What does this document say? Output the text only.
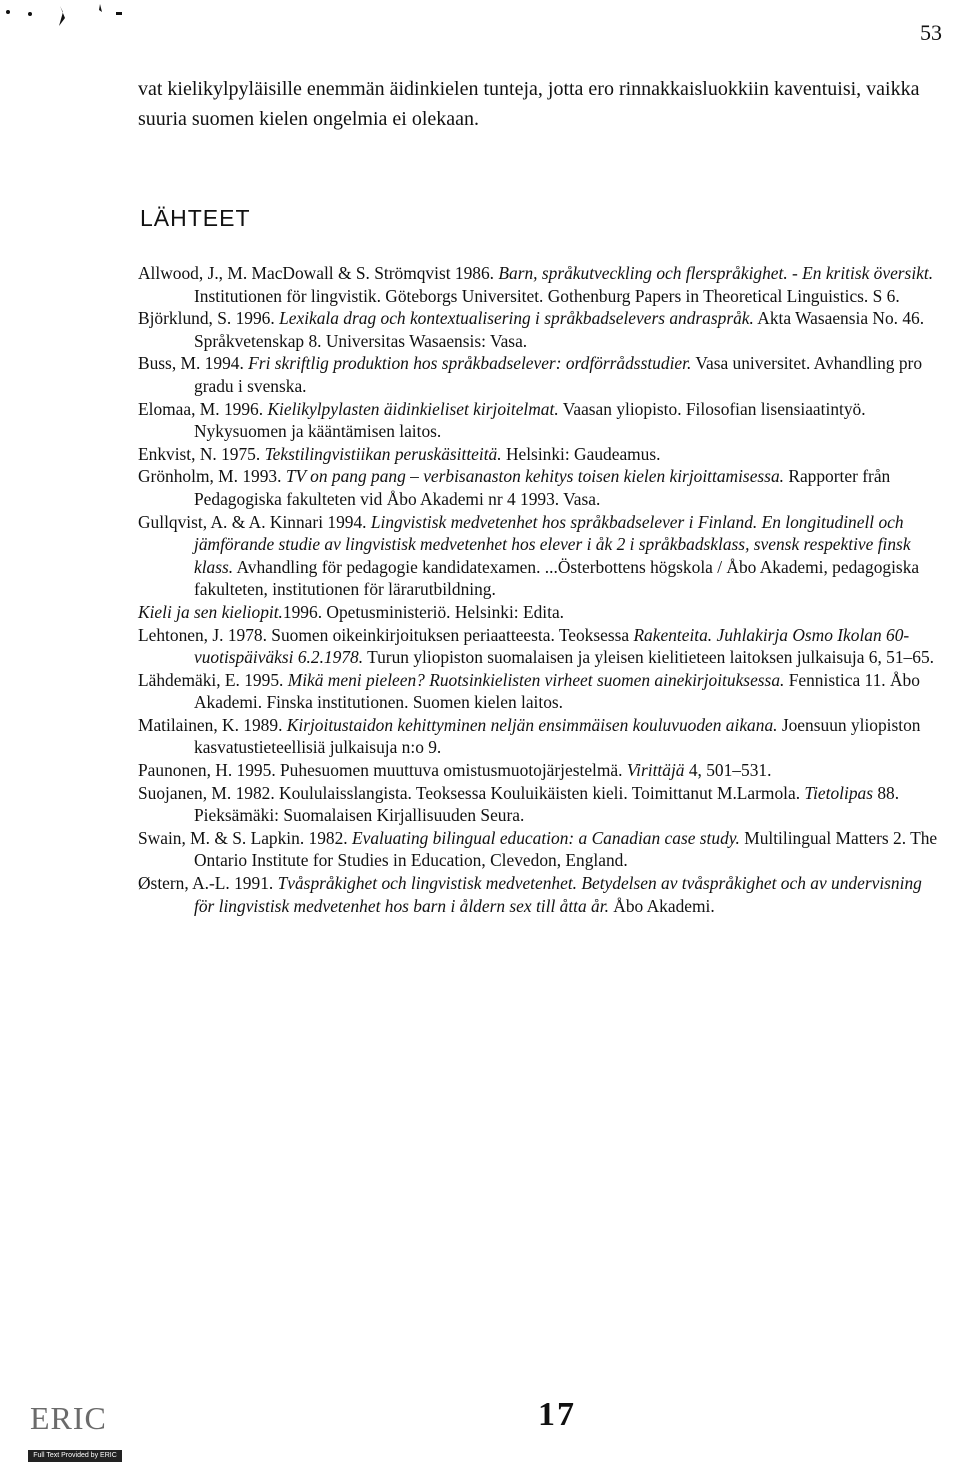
53
vat kielikylpyläisille enemmän äidinkielen tunteja, jotta ero rinnakkaisluokkiin kaventuisi, vaikka suuria suomen kielen ongelmia ei olekaan.
LÄHTEET
Allwood, J., M. MacDowall & S. Strömqvist 1986. Barn, språkutveckling och flerspråkighet. - En kritisk översikt. Institutionen för lingvistik. Göteborgs Universitet. Gothenburg Papers in Theoretical Linguistics. S 6.
Björklund, S. 1996. Lexikala drag och kontextualisering i språkbadselevers andraspråk. Akta Wasaensia No. 46. Språkvetenskap 8. Universitas Wasaensis: Vasa.
Buss, M. 1994. Fri skriftlig produktion hos språkbadselever: ordförrådsstudier. Vasa universitet. Avhandling pro gradu i svenska.
Elomaa, M. 1996. Kielikylpylasten äidinkieliset kirjoitelmat. Vaasan yliopisto. Filosofian lisensiaatintyö. Nykysuomen ja kääntämisen laitos.
Enkvist, N. 1975. Tekstilingvistiikan peruskäsitteitä. Helsinki: Gaudeamus.
Grönholm, M. 1993. TV on pang pang – verbisanaston kehitys toisen kielen kirjoittamisessa. Rapporter från Pedagogiska fakulteten vid Åbo Akademi nr 4 1993. Vasa.
Gullqvist, A. & A. Kinnari 1994. Lingvistisk medvetenhet hos språkbadselever i Finland. En longitudinell och jämförande studie av lingvistisk medvetenhet hos elever i åk 2 i språkbadsklass, svensk respektive finsk klass. Avhandling för pedagogie kandidatexamen. ...Österbottens högskola / Åbo Akademi, pedagogiska fakulteten, institutionen för lärarutbildning.
Kieli ja sen kieliopit.1996. Opetusministeriö. Helsinki: Edita.
Lehtonen, J. 1978. Suomen oikeinkirjoituksen periaatteesta. Teoksessa Rakenteita. Juhlakirja Osmo Ikolan 60-vuotispäiväksi 6.2.1978. Turun yliopiston suomalaisen ja yleisen kielitieteen laitoksen julkaisuja 6, 51–65.
Lähdemäki, E. 1995. Mikä meni pieleen? Ruotsinkielisten virheet suomen ainekirjoituksessa. Fennistica 11. Åbo Akademi. Finska institutionen. Suomen kielen laitos.
Matilainen, K. 1989. Kirjoitustaidon kehittyminen neljän ensimmäisen kouluvuoden aikana. Joensuun yliopiston kasvatustieteellisiä julkaisuja n:o 9.
Paunonen, H. 1995. Puhesuomen muuttuva omistusmuotojärjestelmä. Virittäjä 4, 501–531.
Suojanen, M. 1982. Koululaisslangista. Teoksessa Kouluikäisten kieli. Toimittanut M.Larmola. Tietolipas 88. Pieksämäki: Suomalaisen Kirjallisuuden Seura.
Swain, M. & S. Lapkin. 1982. Evaluating bilingual education: a Canadian case study. Multilingual Matters 2. The Ontario Institute for Studies in Education, Clevedon, England.
Østern, A.-L. 1991. Tvåspråkighet och lingvistisk medvetenhet. Betydelsen av tvåspråkighet och av undervisning för lingvistisk medvetenhet hos barn i åldern sex till åtta år. Åbo Akademi.
ERIC
Full Text Provided by ERIC
17
